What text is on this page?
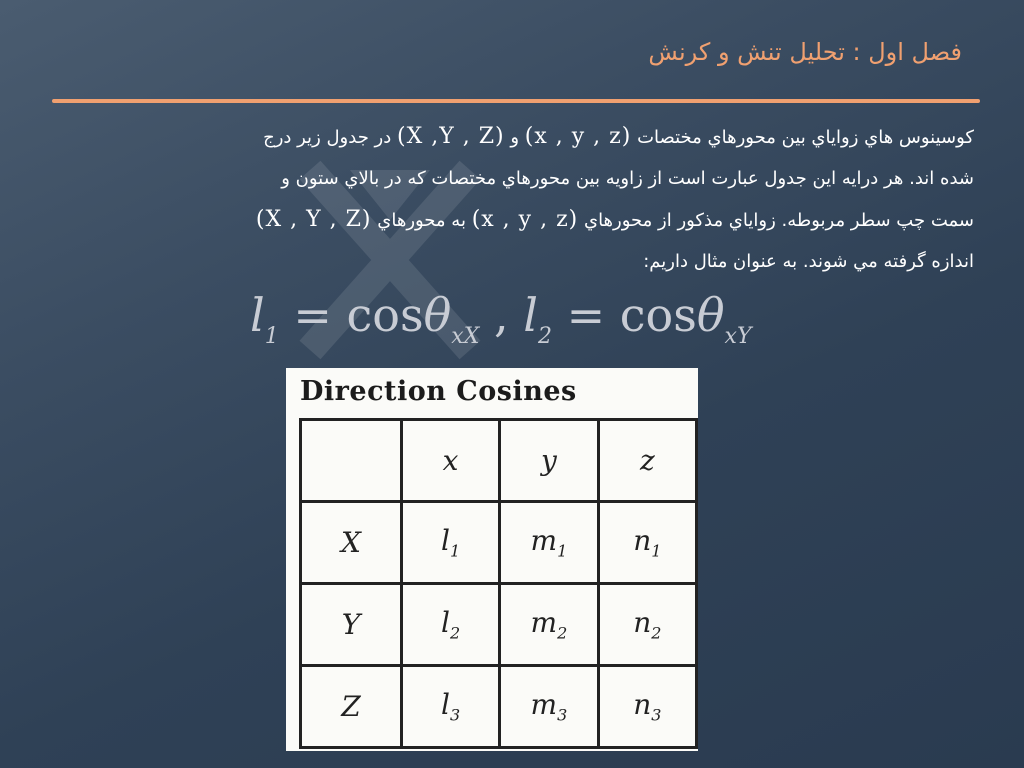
فصل اول : تحليل تنش و كرنش
كوسينوس هاي زواياي بين محورهاي مختصات (x , y , z) و (X ,Y , Z) در جدول زير درج
شده اند. هر درايه اين جدول عبارت است از زاويه بين محورهاي مختصات كه در بالاي ستون و
سمت چپ سطر مربوطه. زواياي مذكور از محورهاي (x , y , z) به محورهاي (X , Y , Z)
اندازه گرفته مي شوند. به عنوان مثال داريم:
$l_1 = \cos\theta_{xX}$ , $l_2 = \cos\theta_{xY}$
Direction Cosines
	x	y	z
X	$l_1$	$m_1$	$n_1$
Y	$l_2$	$m_2$	$n_2$
Z	$l_3$	$m_3$	$n_3$
